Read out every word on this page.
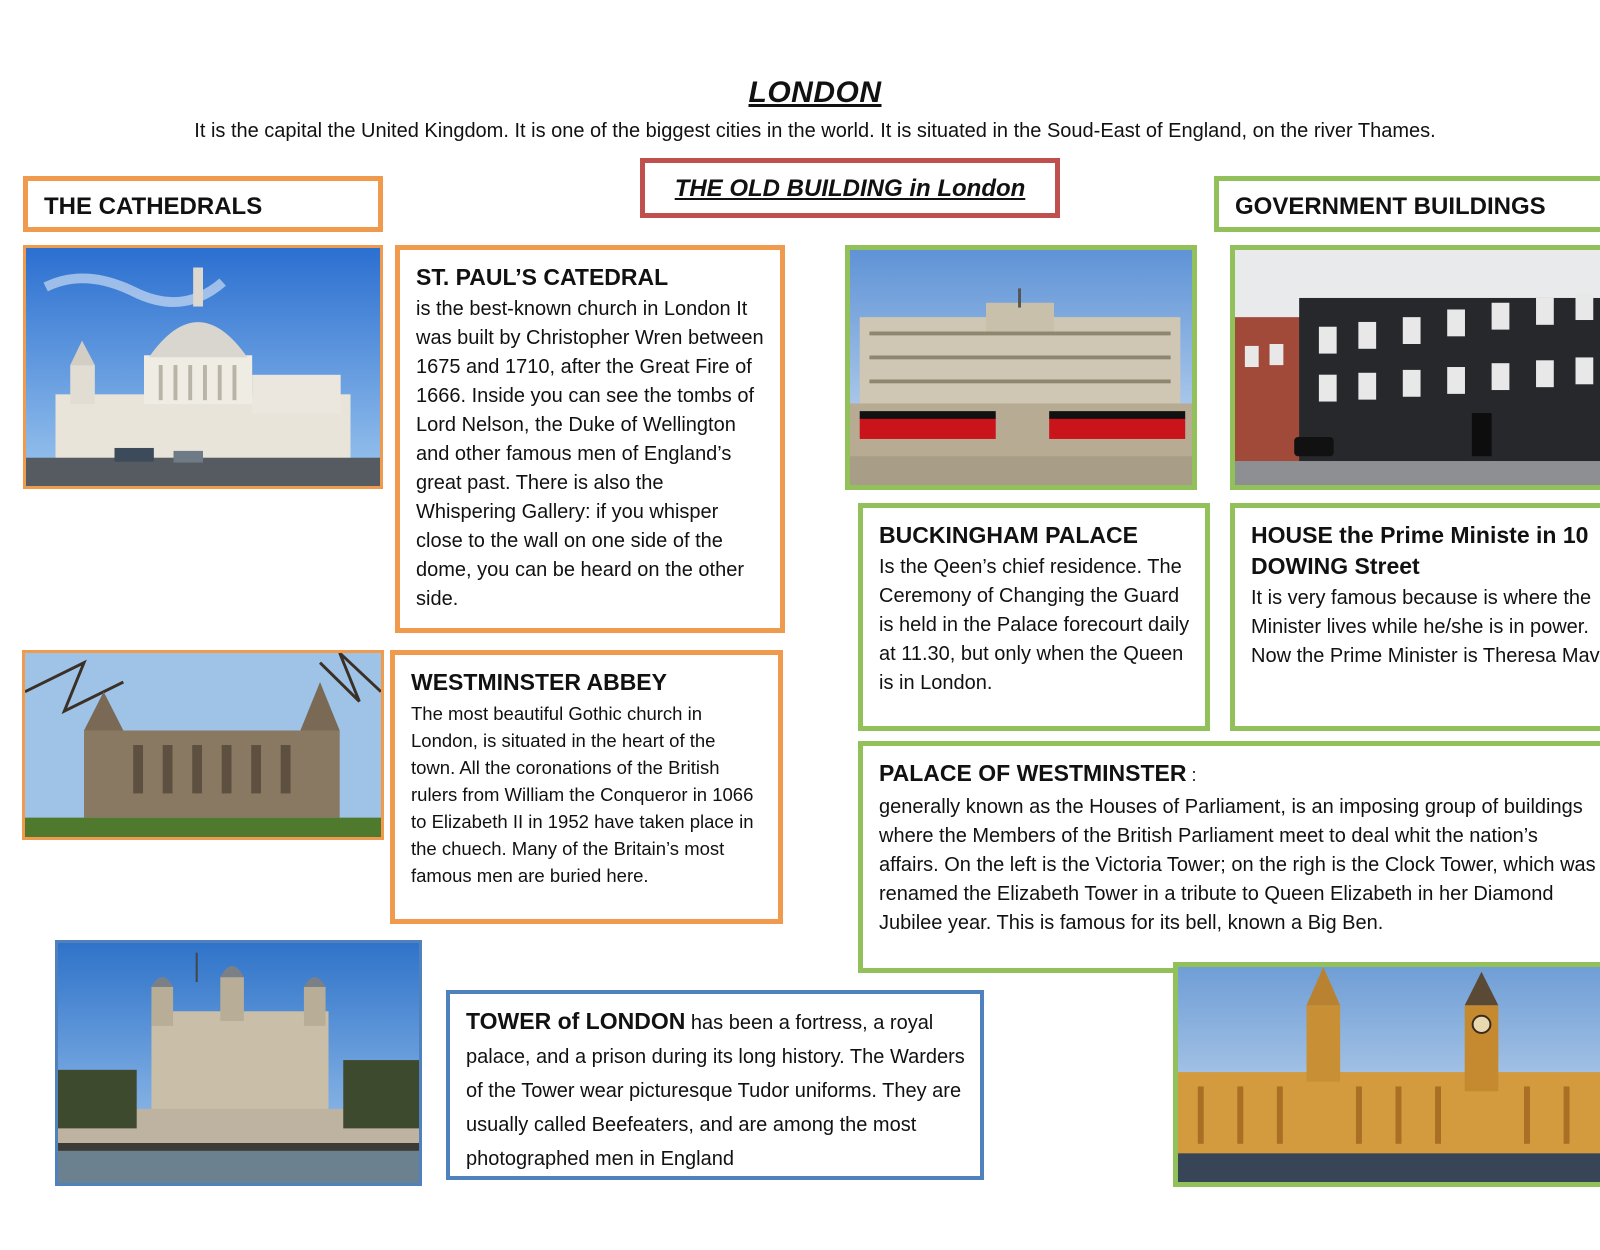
LONDON
It is the capital the United Kingdom. It is one of the biggest cities in the world. It is situated in the Soud-East of England, on the river Thames.
THE CATHEDRALS
THE OLD BUILDING in London
GOVERNMENT BUILDINGS
ST. PAUL’S CATEDRAL

is the best-known church in London It was built by Christopher Wren between 1675 and 1710, after the Great Fire of 1666. Inside you can see the tombs of Lord Nelson, the Duke of Wellington and other famous men of England’s great past. There is also the Whispering Gallery: if you whisper close to the wall on one side of the dome, you can be heard on the other side.

BUCKINGHAM PALACE

Is the Qeen’s chief residence. The Ceremony of Changing the Guard is held in the Palace forecourt daily at 11.30, but only when the Queen is in London.

HOUSE the Prime Ministe in 10 DOWING Street

It is very famous because is where the Minister lives while he/she is in power.
Now the Prime Minister is Theresa Mav

WESTMINSTER ABBEY

The most beautiful Gothic church in London, is situated in the heart of the town. All the coronations of the British rulers from William the Conqueror in 1066 to Elizabeth II in 1952 have taken place in the chuech. Many of the Britain’s most famous men are buried here.

PALACE OF WESTMINSTER :

generally known as the Houses of Parliament, is an imposing group of buildings where the Members of the British Parliament meet to deal whit the nation’s affairs. On the left is the Victoria Tower; on the righ is the Clock Tower, which was renamed the Elizabeth Tower in a tribute to Queen Elizabeth in her Diamond Jubilee year. This is famous for its bell, known a Big Ben.

TOWER of LONDON has been a fortress, a royal palace, and a prison during its long history. The Warders of the Tower wear picturesque Tudor uniforms. They are usually called Beefeaters, and are among the most photographed men in England
